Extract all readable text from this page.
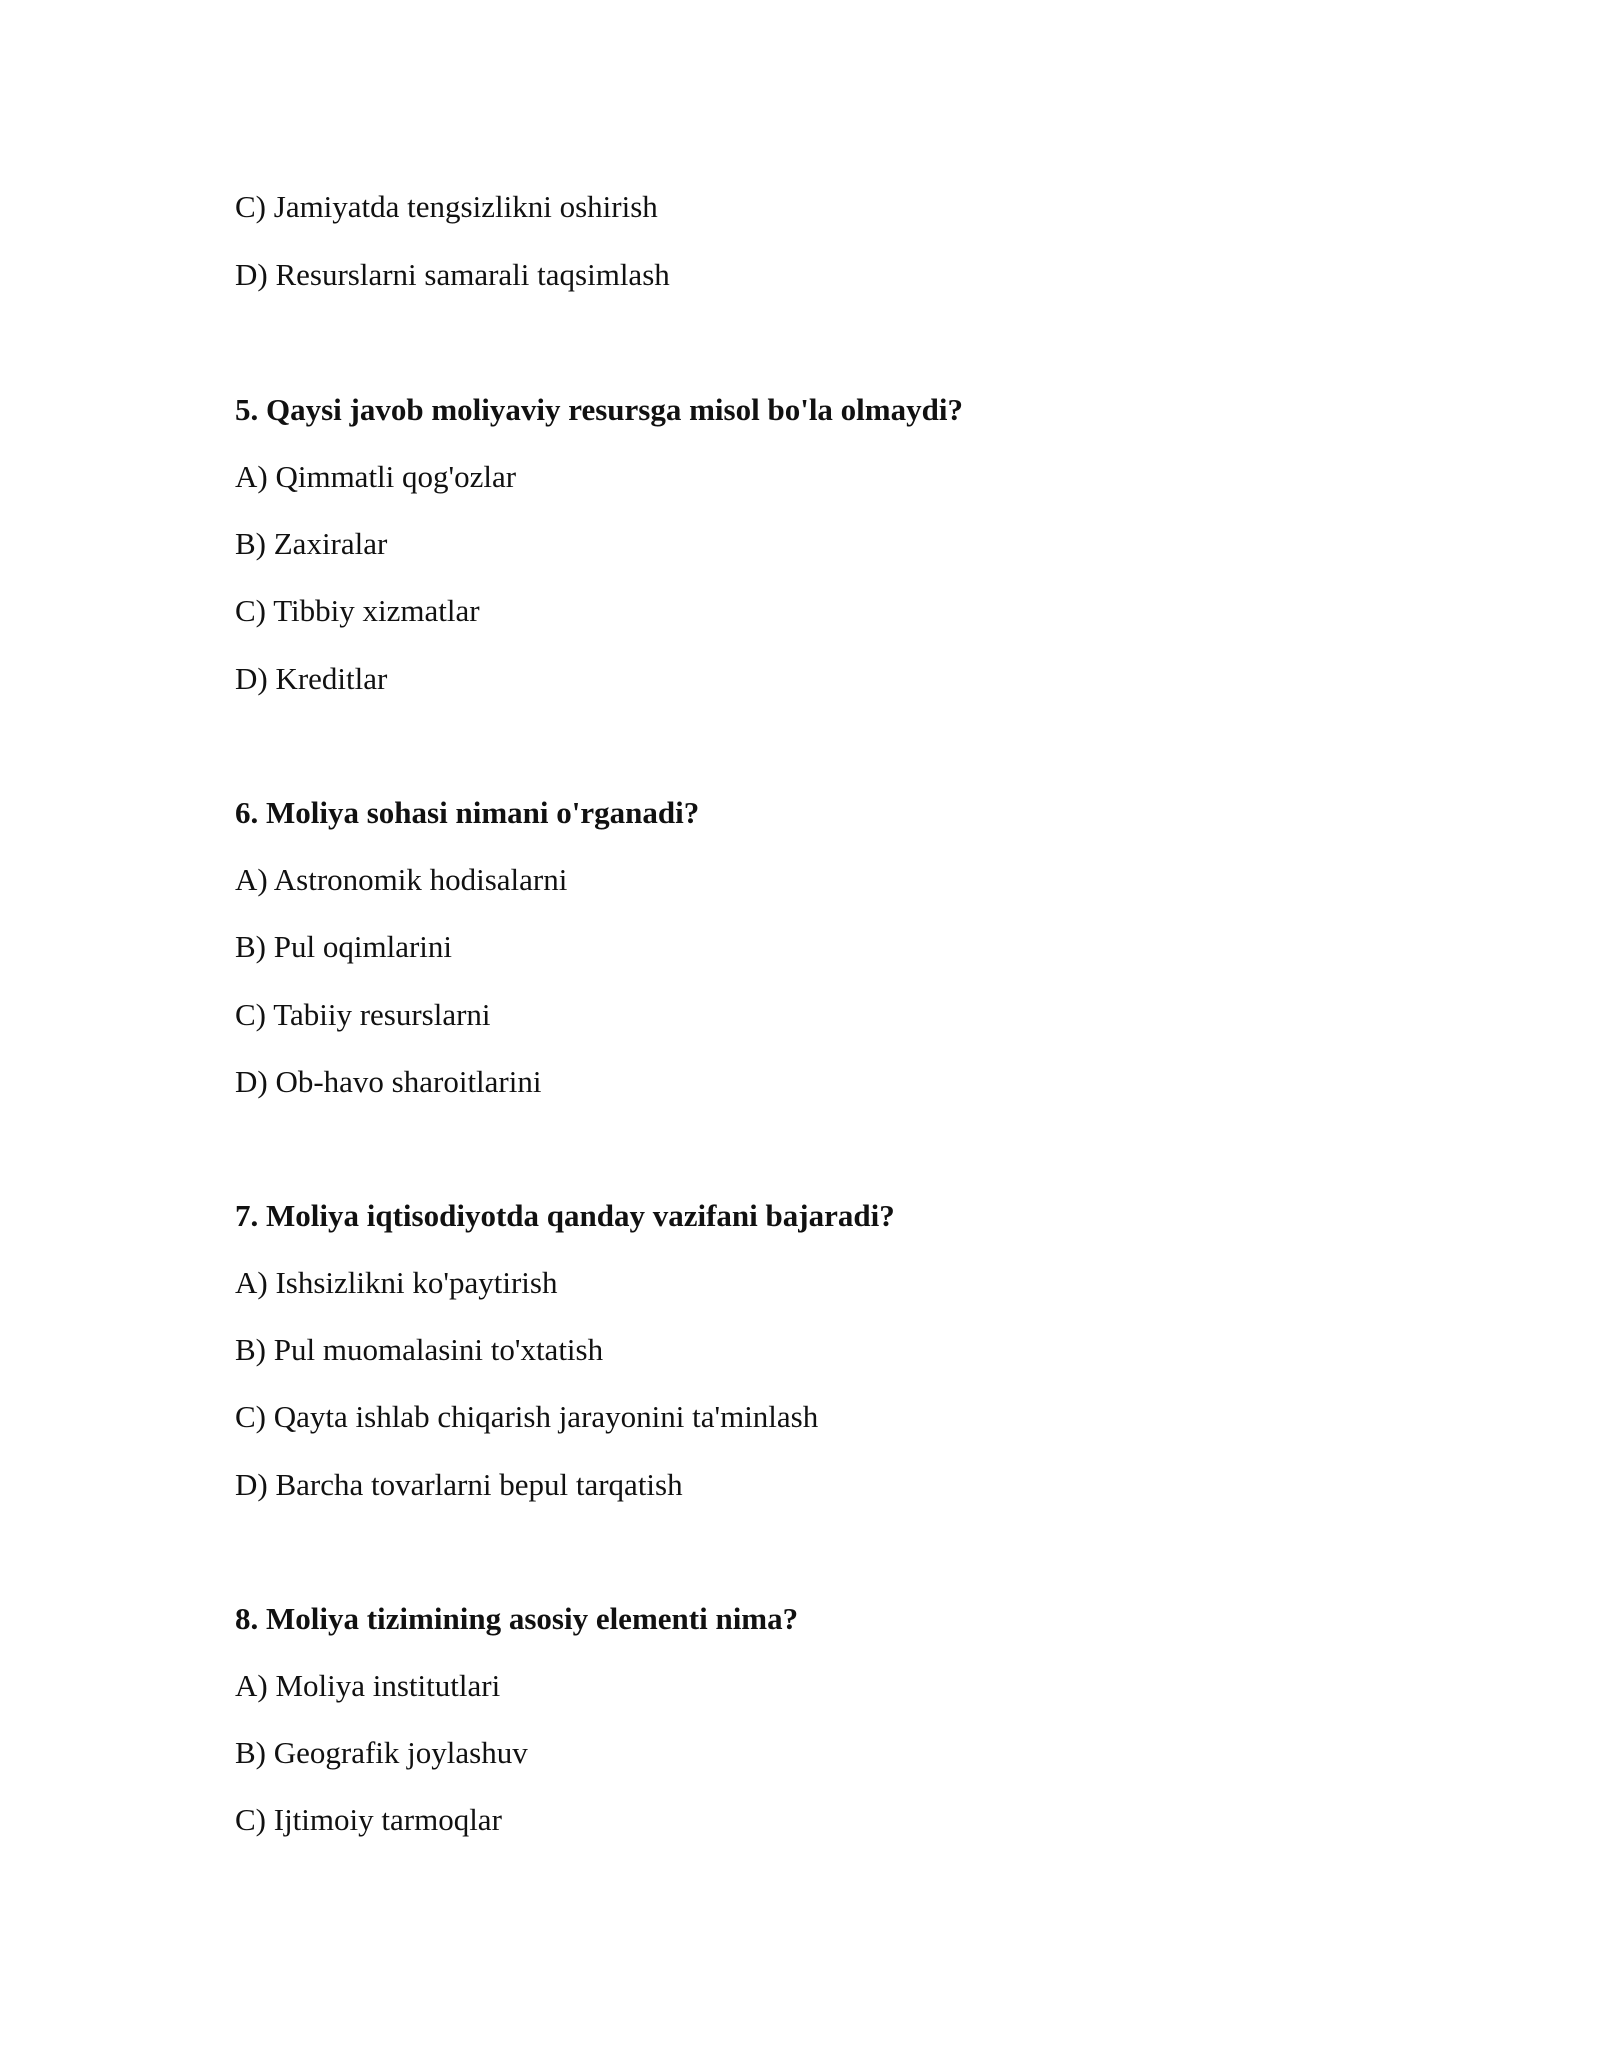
C) Jamiyatda tengsizlikni oshirish
D) Resurslarni samarali taqsimlash
5. Qaysi javob moliyaviy resursga misol bo'la olmaydi?
A) Qimmatli qog'ozlar
B) Zaxiralar
C) Tibbiy xizmatlar
D) Kreditlar
6. Moliya sohasi nimani o'rganadi?
A) Astronomik hodisalarni
B) Pul oqimlarini
C) Tabiiy resurslarni
D) Ob-havo sharoitlarini
7. Moliya iqtisodiyotda qanday vazifani bajaradi?
A) Ishsizlikni ko'paytirish
B) Pul muomalasini to'xtatish
C) Qayta ishlab chiqarish jarayonini ta'minlash
D) Barcha tovarlarni bepul tarqatish
8. Moliya tizimining asosiy elementi nima?
A) Moliya institutlari
B) Geografik joylashuv
C) Ijtimoiy tarmoqlar
